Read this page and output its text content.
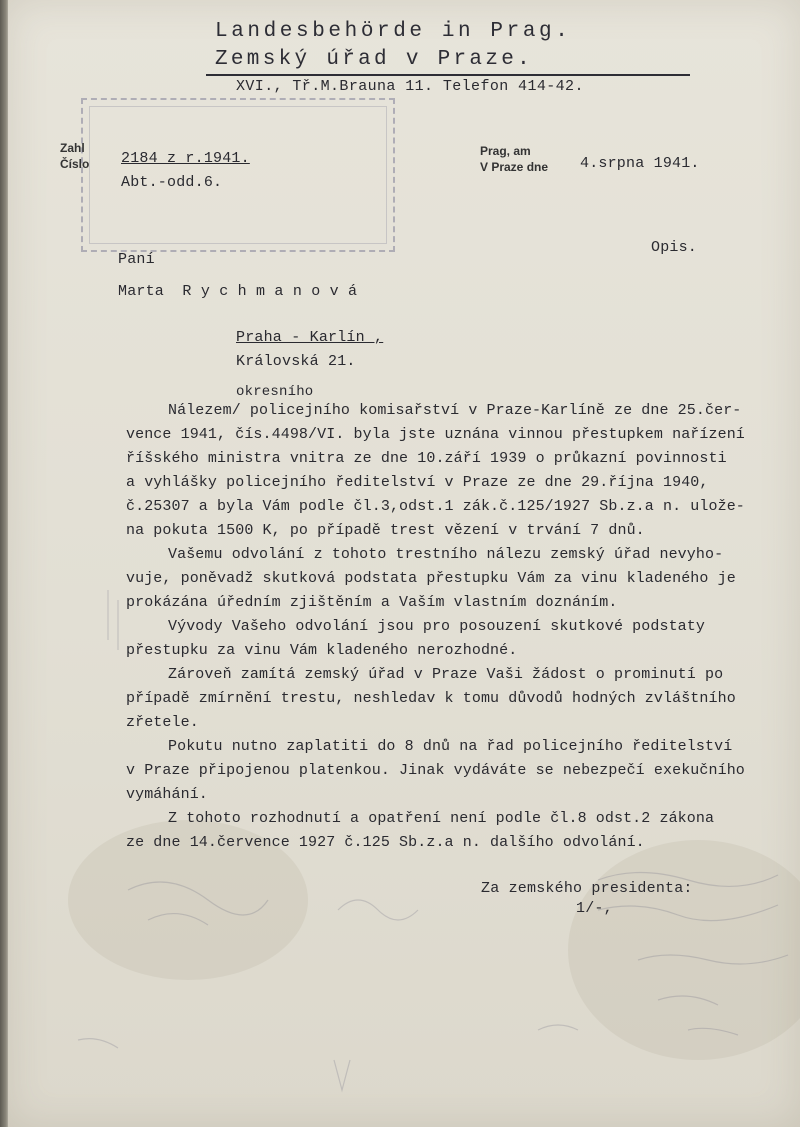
Landesbehörde in Prag.
Zemský úřad v Praze.
XVI., Tř.M.Brauna 11. Telefon 414-42.
Zahl
Číslo 2184 z r.1941.
Abt.-odd.6.
Prag, am
V Praze dne 4.srpna 1941.
Opis.
Paní
Marta  R y c h m a n o v á
Praha - Karlín ,
Královská 21.
okresního
Nálezem/ policejního komisařství v Praze-Karlíně ze dne 25.čer-
vence 1941, čís.4498/VI. byla jste uznána vinnou přestupkem nařízení
říšského ministra vnitra ze dne 10.září 1939 o průkazní povinnosti
a vyhlášky policejního ředitelství v Praze ze dne 29.října 1940,
č.25307 a byla Vám podle čl.3,odst.1 zák.č.125/1927 Sb.z.a n. ulože-
na pokuta 1500 K, po případě trest vězení v trvání 7 dnů.
Vašemu odvolání z tohoto trestního nálezu zemský úřad nevyho-
vuje, poněvadž skutková podstata přestupku Vám za vinu kladeného je
prokázána úředním zjištěním a Vaším vlastním doznáním.
Vývody Vašeho odvolání jsou pro posouzení skutkové podstaty
přestupku za vinu Vám kladeného nerozhodné.
Zároveň zamítá zemský úřad v Praze Vaši žádost o prominutí po
případě zmírnění trestu, neshledav k tomu důvodů hodných zvláštního
zřetele.
Pokutu nutno zaplatiti do 8 dnů na řad policejního ředitelství
v Praze připojenou platenkou. Jinak vydáváte se nebezpečí exekučního
vymáhání.
Z tohoto rozhodnutí a opatření není podle čl.8 odst.2 zákona
ze dne 14.července 1927 č.125 Sb.z.a n. dalšího odvolání.
Za zemského presidenta:
1/-,
